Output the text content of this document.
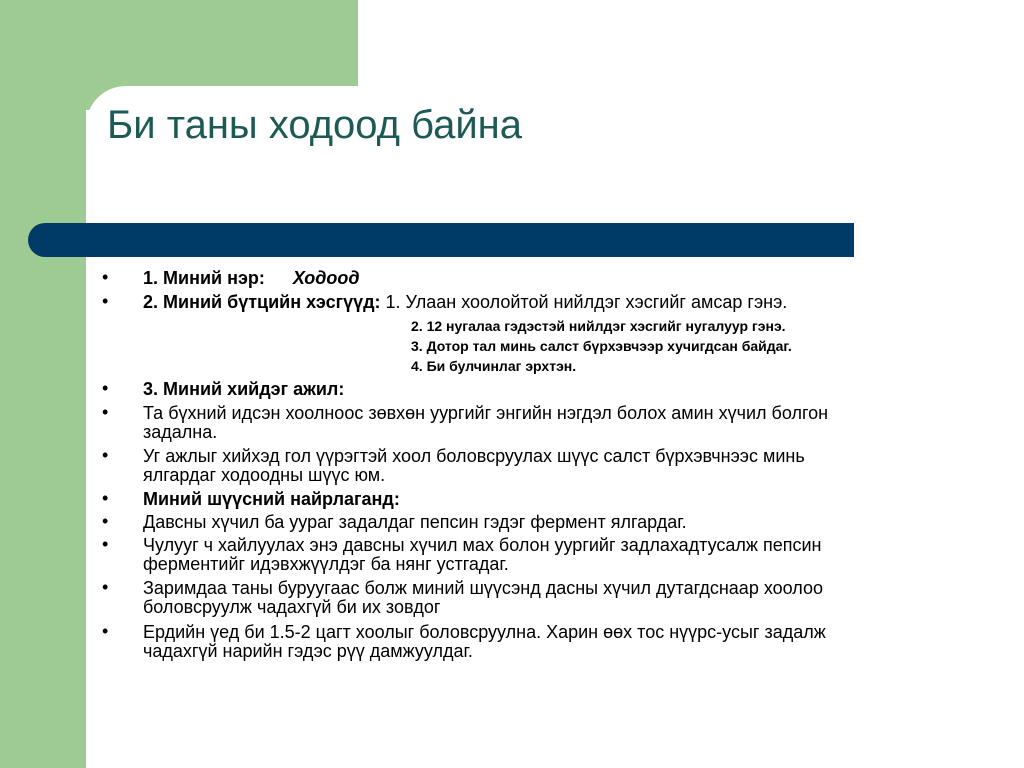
Би таны ходоод байна
• 1. Миний нэр: Ходоод
• 2. Миний бүтцийн хэсгүүд: 1. Улаан хоолойтой нийлдэг хэсгийг амсар гэнэ.
2. 12 нугалаа гэдэстэй нийлдэг хэсгийг нугалуур гэнэ.
3. Дотор тал минь салст бүрхэвчээр хучигдсан байдаг.
4. Би булчинлаг эрхтэн.
• 3. Миний хийдэг ажил:
• Та бүхний идсэн хоолноос зөвхөн уургийг энгийн нэгдэл болох амин хүчил болгон
задална.
• Уг ажлыг хийхэд гол үүрэгтэй хоол боловсруулах шүүс салст бүрхэвчнээс минь
ялгардаг ходоодны шүүс юм.
• Миний шүүсний найрлаганд:
• Давсны хүчил ба уураг задалдаг пепсин гэдэг фермент ялгардаг.
• Чулууг ч хайлуулах энэ давсны хүчил мах болон уургийг задлахадтусалж пепсин
ферментийг идэвхжүүлдэг ба нянг устгадаг.
• Заримдаа таны буруугаас болж миний шүүсэнд дасны хүчил дутагдснаар хоолоо
боловсруулж чадахгүй би их зовдог
• Ердийн үед би 1.5-2 цагт хоолыг боловсруулна. Харин өөх тос нүүрс-усыг задалж
чадахгүй нарийн гэдэс рүү дамжуулдаг.
